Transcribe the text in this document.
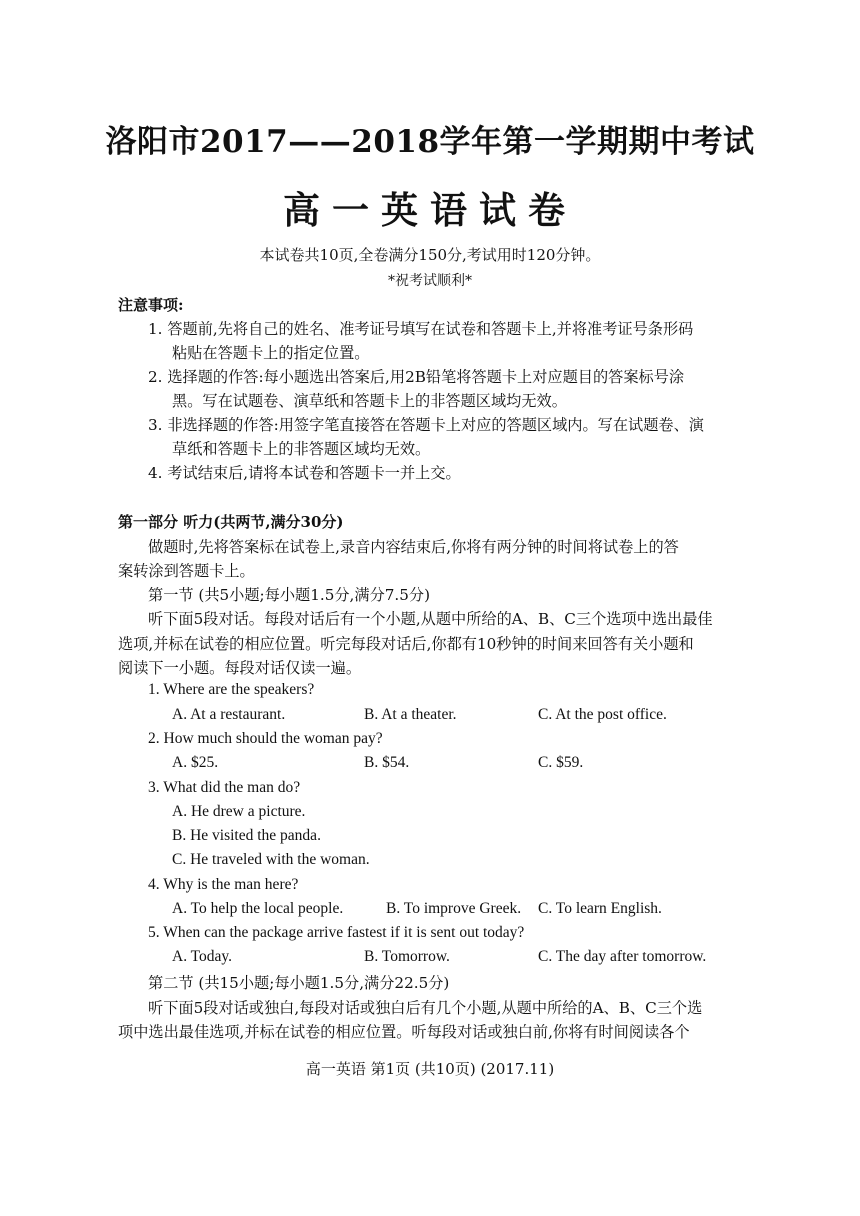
洛阳市2017——2018学年第一学期期中考试
高一英语试卷
本试卷共10页,全卷满分150分,考试用时120分钟。
*祝考试顺利*
注意事项:
1. 答题前,先将自己的姓名、准考证号填写在试卷和答题卡上,并将准考证号条形码
粘贴在答题卡上的指定位置。
2. 选择题的作答:每小题选出答案后,用2B铅笔将答题卡上对应题目的答案标号涂
黑。写在试题卷、演草纸和答题卡上的非答题区域均无效。
3. 非选择题的作答:用签字笔直接答在答题卡上对应的答题区域内。写在试题卷、演
草纸和答题卡上的非答题区域均无效。
4. 考试结束后,请将本试卷和答题卡一并上交。
第一部分 听力(共两节,满分30分)
做题时,先将答案标在试卷上,录音内容结束后,你将有两分钟的时间将试卷上的答
案转涂到答题卡上。
第一节 (共5小题;每小题1.5分,满分7.5分)
听下面5段对话。每段对话后有一个小题,从题中所给的A、B、C三个选项中选出最佳
选项,并标在试卷的相应位置。听完每段对话后,你都有10秒钟的时间来回答有关小题和
阅读下一小题。每段对话仅读一遍。
1. Where are the speakers?
A. At a restaurant.	B. At a theater.	C. At the post office.
2. How much should the woman pay?
A. $25.	B. $54.	C. $59.
3. What did the man do?
A. He drew a picture.
B. He visited the panda.
C. He traveled with the woman.
4. Why is the man here?
A. To help the local people.	B. To improve Greek. C. To learn English.
5. When can the package arrive fastest if it is sent out today?
A. Today.	B. Tomorrow.	C. The day after tomorrow.
第二节 (共15小题;每小题1.5分,满分22.5分)
听下面5段对话或独白,每段对话或独白后有几个小题,从题中所给的A、B、C三个选
项中选出最佳选项,并标在试卷的相应位置。听每段对话或独白前,你将有时间阅读各个
高一英语 第1页 (共10页) (2017.11)
